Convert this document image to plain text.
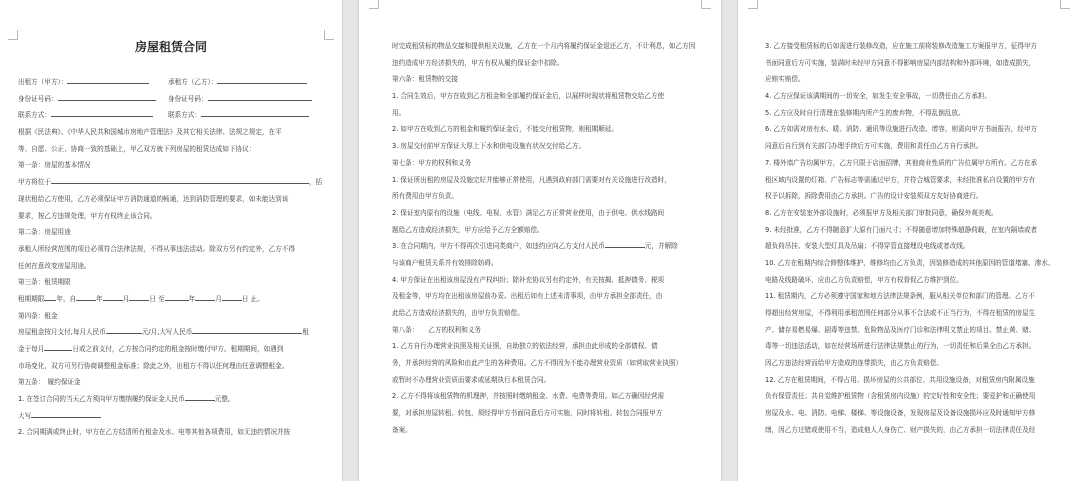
房屋租赁合同
出租方（甲方）：	承租方（乙方）：
身份证号码：	身份证号码：
联系方式：	联系方式：
根据《民法典》、《中华人民共和国城市房地产管理法》及其它相关法律、法规之规定，在平
等、自愿、公正、协商一致的基础上，甲乙双方就下列房屋的租赁达成如下协议：
第一条：房屋的基本情况
甲方将位于	，括
现状租给乙方使用，乙方必须保证甲方消防通道的畅通，达到消防管理的要求，如未能达到该
要求，按乙方违规处理，甲方有权终止该合同。
第二条：房屋用途
承租人所经营范围的项目必须符合法律法规，不得从事违法活动。除双方另有约定外，乙方不得
任何在意改变房屋用途。
第三条：租赁期限
租期期限 年，自	年	月	日 至	年	月	日 止。
第四条：租金
房屋租金按月支付,每月人民币	元/月,大写人民币	租
金于每月	日或之前支付，乙方按合同约定的租金按时缴付甲方。租期期间，如遇到
市场变化，双方可另行协商调整租金标准；除此之外，出租方不得以任何理由任意调整租金。
第五条：　履约保证金
1. 在签订合同的当天乙方须向甲方缴纳履约保证金人民币	元整,
大写
2. 合同期满或终止时，甲方在乙方结清所有租金及水、电等其他各项费用，如无违约情况并按
时完成租赁标的物品交接和提供相关设施，乙方在一个月内将履约保证金退还乙方，不计利息，如乙方因
违约造成甲方经济损失的，甲方有权从履约保证金中扣除。
第六条：租赁物的交接
1. 合同生效后，甲方在收到乙方租金和全部履约保证金后，以展样时现状将租赁物交给乙方使
用。
2. 如甲方在收到乙方的租金和履约保证金后，不能交付租赁物，则租期顺延。
3. 房屋交付前甲方保证大厚上下水和供电设施有状况交付给乙方。
第七条：甲方的权利和义务
1. 保证所出租的房屋及设施完好并能够正常使用，凡遇到政府部门需要对有关设施进行改造时，
所有费用由甲方负责。
2. 保证室内原有的设施（电线、电视、水管）满足乙方正常营业使用，由于供电、供水线路间
题给乙方造成经济损失，甲方应给予乙方全额赔偿。
3. 在合同期内，甲方不得再次引进同类商户，如违约应向乙方支付人民币	元，并解除
与该商户租赁关系并有效排除妨碍。
4. 甲方保证在出租该房屋没有产权纠纷；除补充协议另有约定外，有关按揭、抵押债务、税项
及租金等，甲方均在出租该房屋前办妥。出租后如有上述未清事项，由甲方承担全部责任，由
此给乙方造成经济损失的，由甲方负责赔偿。
第八条：　　乙方的权利和义务
1. 乙方自行办理营业执照及相关证照，自助独立的依法经营，承担由此形成的全部债权、债
务，并承担经营的风险和由此产生的各种费用。乙方不得因为不能办理营业资质（如营取营业执照）
或暂时不办理营业资质而要求或延期执行本租赁合同。
2. 乙方不得将该租赁物的机理押，并按照时缴纳租金、水费、电费等费用。如乙方确因经营需
要，对承担房屋转租、转包，须经得甲方书面同意后方可实施，同时将转租、转包合同报甲方
备案。
3. 乙方接受租赁标的后如需进行装修改造，应在施工前将装修改造施工方案报甲方，征得甲方
书面同意后方可实施，装满时未经甲方同意不得影响房屋内部结构和外部环境，如造成损失，
应赔实赔偿。
4. 乙方应保证该满期间的一切安全，如发生安全事故，一切费任由乙方承担。
5. 乙方应及时自行清理在装修期内所产生的废弃物，不得乱倒乱放。
6. 乙方如需对房有水、暖、消防、通讯等设施进行改造、增容，则需向甲方书面报告，经甲方
同意后自行到有关部门办理手续后方可实施，费用和责任由乙方自行承担。
7. 楼外墙广告均属甲方，乙方只限于店面招牌，其他商业性质的广告位属甲方所有。乙方在承
租区域内设置的灯箱、广告标志等需通过甲方，并符合城管要求，未经批准私自设置的甲方有
权予以拆除，拆除费用由乙方承担。广告的设计安装须双方友好协商进行。
8. 乙方在安装室外部设施时，必须报甲方及相关部门审批同意，确保外观美观。
9. 未经批准，乙方不得随意扩大原有门面尺寸；不得随意增加特殊超静荷载，在室内隔墙或者
超负荷吊挂、安装大型灯具及吊扇；不得穿管直接埋设电线或者改线。
10. 乙方在租期内综合修整体维护，维修均由乙方负责，因装修造成的其他原因的管道堵塞、渗水、
电路及线路破坏，应由乙方负责赔偿，甲方有权督促乙方维护到位。
11. 租赁期内，乙方必须遵守国家和地方法律法规条例，服从相关单位和部门的管理。乙方不
得超出经营房屋，不得利用承租范围任何部分从事不合法或不正当行为，不得在租赁的房屋生
产、储存易燃易爆、剧毒等违禁、危险物品及医疗门诊和法律明文禁止的项目。禁止黄、赌、
毒等一切违法活动，如在经营场所进行法律法规禁止的行为，一切责任和后果全由乙方承担。
因乙方违法经营而给甲方造成的连带损失，由乙方负责赔偿。
12. 乙方在租赁期间，不得占用、损坏房屋的公共部位、共用设施设备，对租赁房内附属设施
负有保管责任；共自觉维护租赁物（含租赁房内设施）的完好性和安全性；要爱护和正确使用
房屋及水、电、消防、电梯、楼梯、等设施设备，发现房屋及设备设施损坏应及时通知甲方修
缮，因乙方过错或使用不当，造成他人人身伤亡、财产损失的，由乙方承担一切法律责任及经
